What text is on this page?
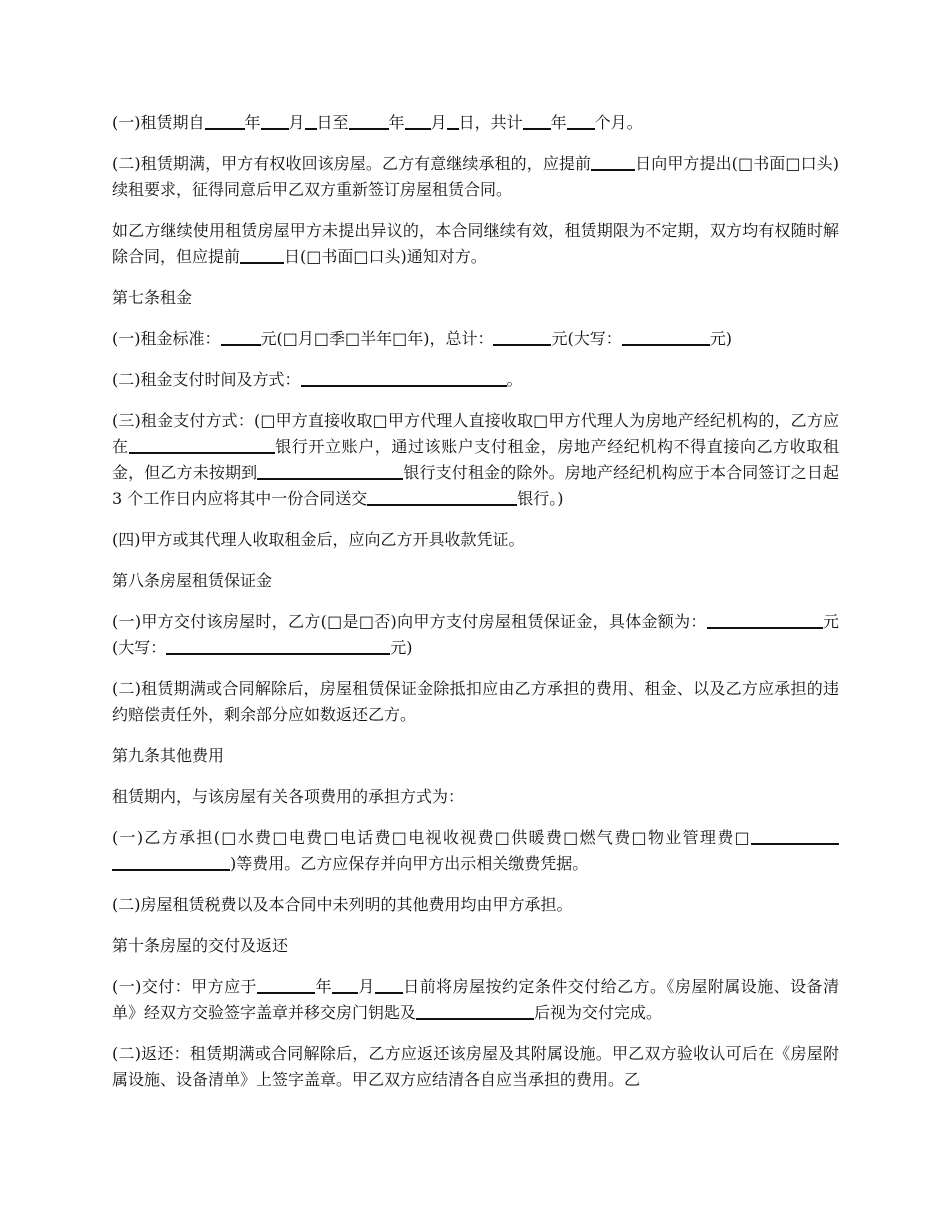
(一)租赁期自	年 月 日至	年 月 日，共计 年 个月。

(二)租赁期满，甲方有权收回该房屋。乙方有意继续承租的，应提前	日向甲方提出(□书面□口头)续租要求，征得同意后甲乙双方重新签订房屋租赁合同。

如乙方继续使用租赁房屋甲方未提出异议的，本合同继续有效，租赁期限为不定期，双方均有权随时解除合同，但应提前	日(□书面□口头)通知对方。

第七条租金

(一)租金标准：	元(□月□季□半年□年)，总计：	元(大写：	元)

(二)租金支付时间及方式：	。

(三)租金支付方式：(□甲方直接收取□甲方代理人直接收取□甲方代理人为房地产经纪机构的，乙方应在	银行开立账户，通过该账户支付租金，房地产经纪机构不得直接向乙方收取租金，但乙方未按期到	银行支付租金的除外。房地产经纪机构应于本合同签订之日起 3 个工作日内应将其中一份合同送交	银行。)

(四)甲方或其代理人收取租金后，应向乙方开具收款凭证。

第八条房屋租赁保证金

(一)甲方交付该房屋时，乙方(□是□否)向甲方支付房屋租赁保证金，具体金额为：	元(大写：	元)

(二)租赁期满或合同解除后，房屋租赁保证金除抵扣应由乙方承担的费用、租金、以及乙方应承担的违约赔偿责任外，剩余部分应如数返还乙方。

第九条其他费用

租赁期内，与该房屋有关各项费用的承担方式为：

(一)乙方承担(□水费□电费□电话费□电视收视费□供暖费□燃气费□物业管理费□)等费用。乙方应保存并向甲方出示相关缴费凭据。

(二)房屋租赁税费以及本合同中未列明的其他费用均由甲方承担。

第十条房屋的交付及返还

(一)交付：甲方应于	年 月 日前将房屋按约定条件交付给乙方。《房屋附属设施、设备清单》经双方交验签字盖章并移交房门钥匙及	后视为交付完成。

(二)返还：租赁期满或合同解除后，乙方应返还该房屋及其附属设施。甲乙双方验收认可后在《房屋附属设施、设备清单》上签字盖章。甲乙双方应结清各自应当承担的费用。乙
